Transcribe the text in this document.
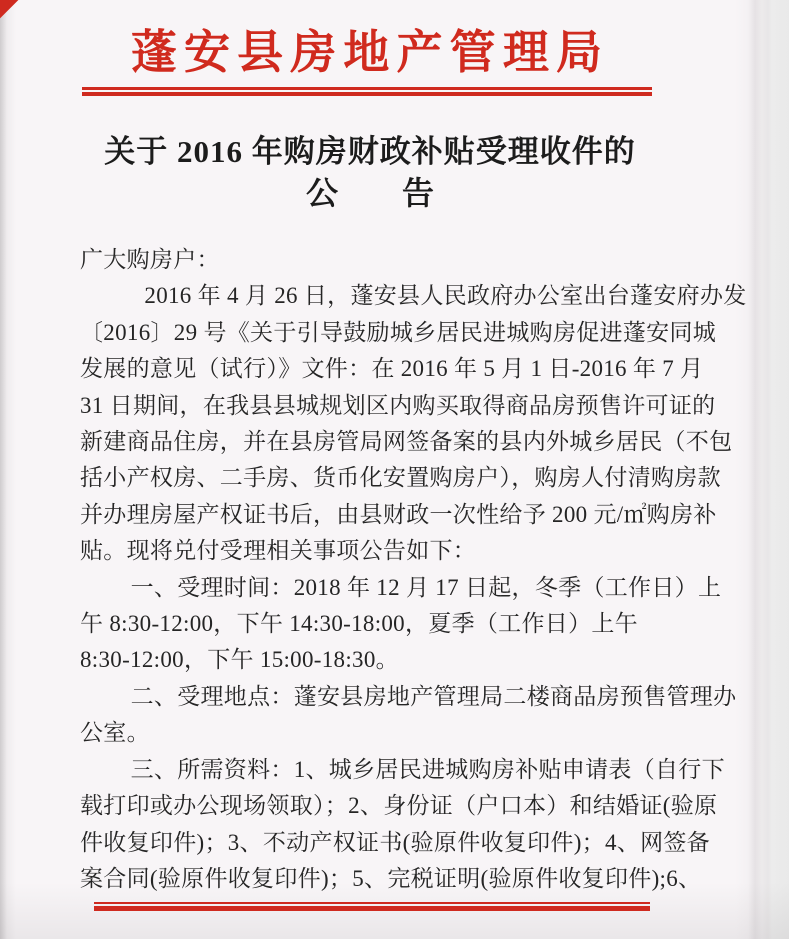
蓬安县房地产管理局
关于 2016 年购房财政补贴受理收件的
公 告
广大购房户：
2016 年 4 月 26 日，蓬安县人民政府办公室出台蓬安府办发
〔2016〕29 号《关于引导鼓励城乡居民进城购房促进蓬安同城
发展的意见（试行）》文件：在 2016 年 5 月 1 日-2016 年 7 月
31 日期间，在我县县城规划区内购买取得商品房预售许可证的
新建商品住房，并在县房管局网签备案的县内外城乡居民（不包
括小产权房、二手房、货币化安置购房户），购房人付清购房款
并办理房屋产权证书后，由县财政一次性给予 200 元/㎡购房补
贴。现将兑付受理相关事项公告如下：
一、受理时间：2018 年 12 月 17 日起，冬季（工作日）上
午 8:30-12:00，下午 14:30-18:00，夏季（工作日）上午
8:30-12:00，下午 15:00-18:30。
二、受理地点：蓬安县房地产管理局二楼商品房预售管理办
公室。
三、所需资料：1、城乡居民进城购房补贴申请表（自行下
载打印或办公现场领取）；2、身份证（户口本）和结婚证(验原
件收复印件)；3、不动产权证书(验原件收复印件)；4、网签备
案合同(验原件收复印件)；5、完税证明(验原件收复印件);6、
